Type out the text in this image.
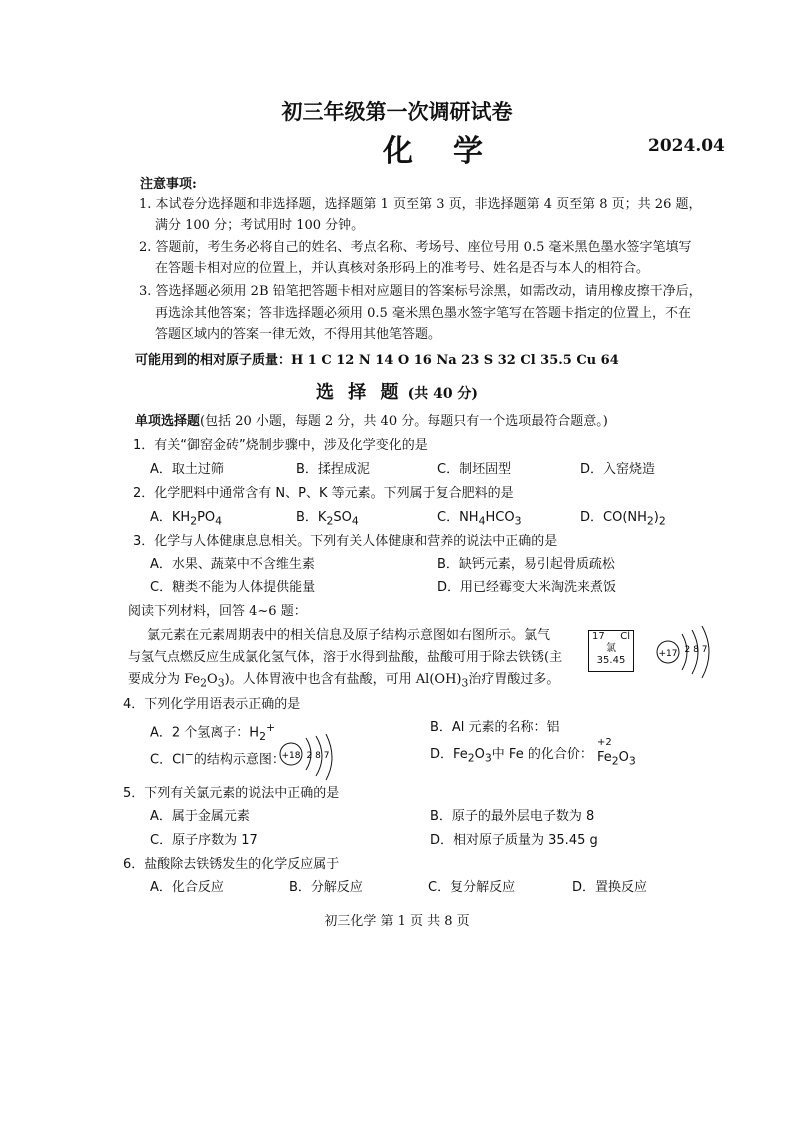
初三年级第一次调研试卷
化学	2024.04
注意事项:
1. 本试卷分选择题和非选择题，选择题第 1 页至第 3 页，非选择题第 4 页至第 8 页；共 26 题，
满分 100 分；考试用时 100 分钟。
2. 答题前，考生务必将自己的姓名、考点名称、考场号、座位号用 0.5 毫米黑色墨水签字笔填写
在答题卡相对应的位置上，并认真核对条形码上的准考号、姓名是否与本人的相符合。
3. 答选择题必须用 2B 铅笔把答题卡相对应题目的答案标号涂黑，如需改动，请用橡皮擦干净后，
再选涂其他答案；答非选择题必须用 0.5 毫米黑色墨水签字笔写在答题卡指定的位置上，不在
答题区域内的答案一律无效，不得用其他笔答题。
可能用到的相对原子质量：H 1 C 12 N 14 O 16 Na 23 S 32 Cl 35.5 Cu 64
选 择 题 (共 40 分)
单项选择题(包括 20 小题，每题 2 分，共 40 分。每题只有一个选项最符合题意。)
1．有关“御窑金砖”烧制步骤中，涉及化学变化的是
A．取土过筛	B．揉捏成泥	C．制坯固型	D．入窑烧造
2．化学肥料中通常含有 N、P、K 等元素。下列属于复合肥料的是
A．$KH_2PO_4$	B．$K_2SO_4$	C．$NH_4HCO_3$	D．$CO(NH_2)_2$
3．化学与人体健康息息相关。下列有关人体健康和营养的说法中正确的是
A．水果、蔬菜中不含维生素	B．缺钙元素，易引起骨质疏松
C．糖类不能为人体提供能量	D．用已经霉变大米淘洗来煮饭
阅读下列材料，回答 4~6 题：
氯元素在元素周期表中的相关信息及原子结构示意图如右图所示。氯气
与氢气点燃反应生成氯化氢气体，溶于水得到盐酸，盐酸可用于除去铁锈(主
要成分为 $Fe_2O_3$)。人体胃液中也含有盐酸，可用 $Al(OH)_3$治疗胃酸过多。
17 Cl
氯
35.45
+17 2 8 7
4．下列化学用语表示正确的是
A．2 个氢离子：$H_2^+$	B．Al 元素的名称：铝
C．Cl−的结构示意图：
+18 2 8 7	D．$Fe_2O_3$中 Fe 的化合价：
+2
$Fe_2O_3$
5．下列有关氯元素的说法中正确的是
A．属于金属元素	B．原子的最外层电子数为 8
C．原子序数为 17	D．相对原子质量为 35.45 g
6．盐酸除去铁锈发生的化学反应属于
A．化合反应	B．分解反应	C．复分解反应	D．置换反应
初三化学 第 1 页 共 8 页
